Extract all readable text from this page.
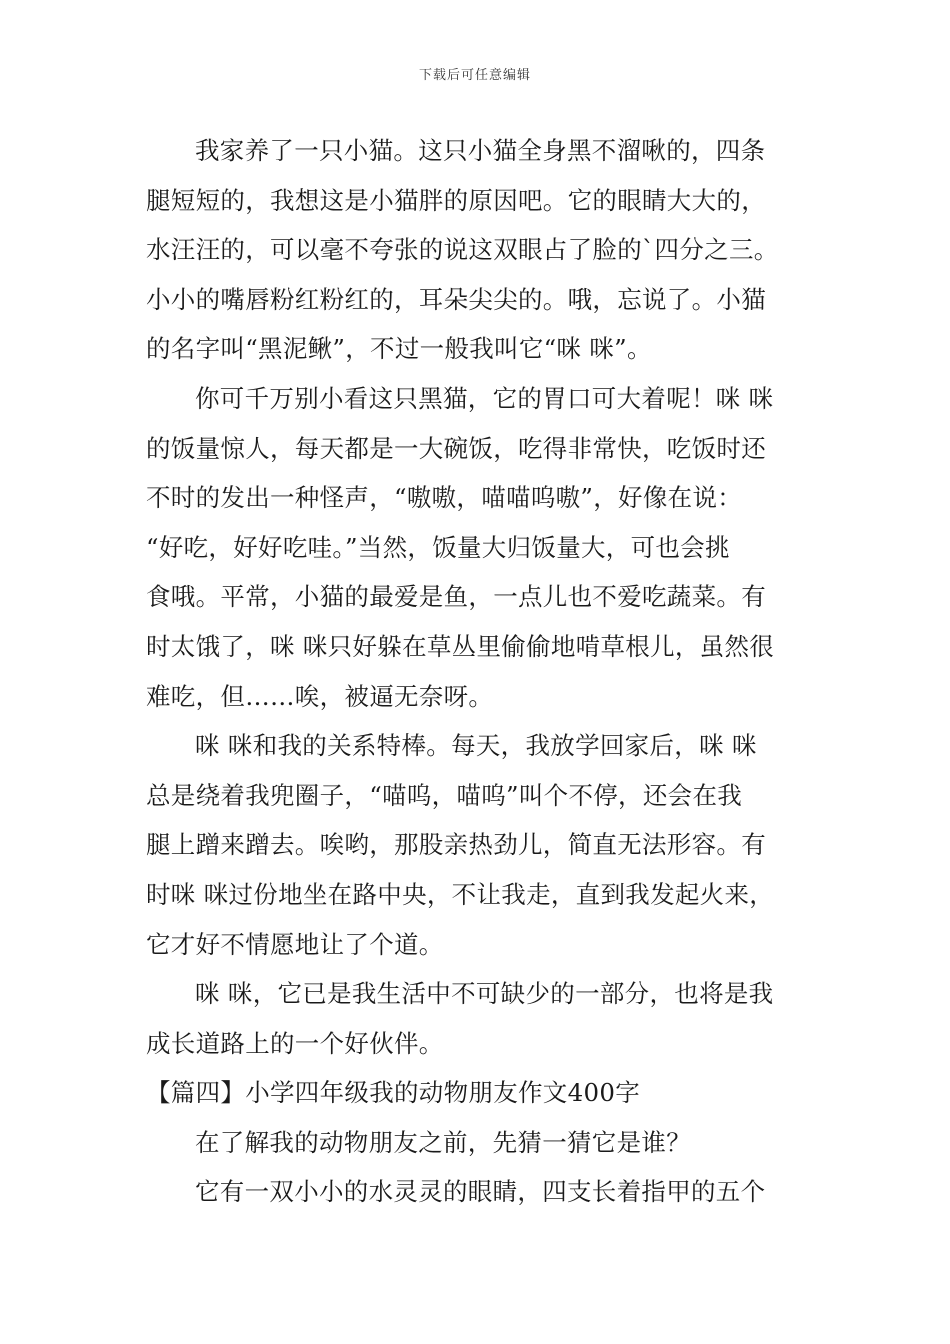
下载后可任意编辑
我家养了一只小猫。这只小猫全身黑不溜啾的，四条
腿短短的，我想这是小猫胖的原因吧。它的眼睛大大的，
水汪汪的，可以毫不夸张的说这双眼占了脸的`四分之三。
小小的嘴唇粉红粉红的，耳朵尖尖的。哦，忘说了。小猫
的名字叫“黑泥鳅”，不过一般我叫它“咪 咪”。
你可千万别小看这只黑猫，它的胃口可大着呢！咪 咪
的饭量惊人，每天都是一大碗饭，吃得非常快，吃饭时还
不时的发出一种怪声，“嗷嗷，喵喵呜嗷”，好像在说：
“好吃，好好吃哇。”当然，饭量大归饭量大，可也会挑
食哦。平常，小猫的最爱是鱼，一点儿也不爱吃蔬菜。有
时太饿了，咪 咪只好躲在草丛里偷偷地啃草根儿，虽然很
难吃，但……唉，被逼无奈呀。
咪 咪和我的关系特棒。每天，我放学回家后，咪 咪
总是绕着我兜圈子，“喵呜，喵呜”叫个不停，还会在我
腿上蹭来蹭去。唉哟，那股亲热劲儿，简直无法形容。有
时咪 咪过份地坐在路中央，不让我走，直到我发起火来，
它才好不情愿地让了个道。
咪 咪，它已是我生活中不可缺少的一部分，也将是我
成长道路上的一个好伙伴。
【篇四】小学四年级我的动物朋友作文400字
在了解我的动物朋友之前，先猜一猜它是谁？
它有一双小小的水灵灵的眼睛，四支长着指甲的五个
